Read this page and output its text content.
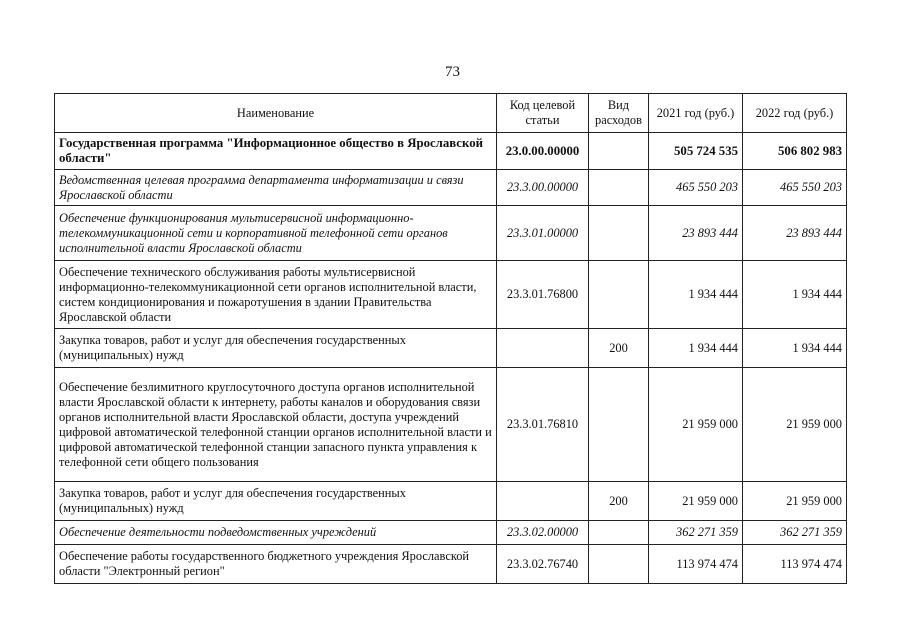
73
Наименование	Код целевой статьи	Вид расходов	2021 год (руб.)	2022 год (руб.)
Государственная программа "Информационное общество в Ярославской области"	23.0.00.00000		505 724 535	506 802 983
Ведомственная целевая программа департамента информатизации и связи Ярославской области	23.3.00.00000		465 550 203	465 550 203
Обеспечение функционирования мультисервисной информационно-телекоммуникационной сети и корпоративной телефонной сети органов исполнительной власти Ярославской области	23.3.01.00000		23 893 444	23 893 444
Обеспечение технического обслуживания работы мультисервисной информационно-телекоммуникационной сети органов исполнительной власти, систем кондиционирования и пожаротушения в здании Правительства Ярославской области	23.3.01.76800		1 934 444	1 934 444
Закупка товаров, работ и услуг для обеспечения государственных (муниципальных) нужд		200	1 934 444	1 934 444
Обеспечение безлимитного круглосуточного доступа органов исполнительной власти Ярославской области к интернету, работы каналов и оборудования связи органов исполнительной власти Ярославской области, доступа учреждений цифровой автоматической телефонной станции органов исполнительной власти и цифровой автоматической телефонной станции запасного пункта управления к телефонной сети общего пользования	23.3.01.76810		21 959 000	21 959 000
Закупка товаров, работ и услуг для обеспечения государственных (муниципальных) нужд		200	21 959 000	21 959 000
Обеспечение деятельности подведомственных учреждений	23.3.02.00000		362 271 359	362 271 359
Обеспечение работы государственного бюджетного учреждения Ярославской области "Электронный регион"	23.3.02.76740		113 974 474	113 974 474
